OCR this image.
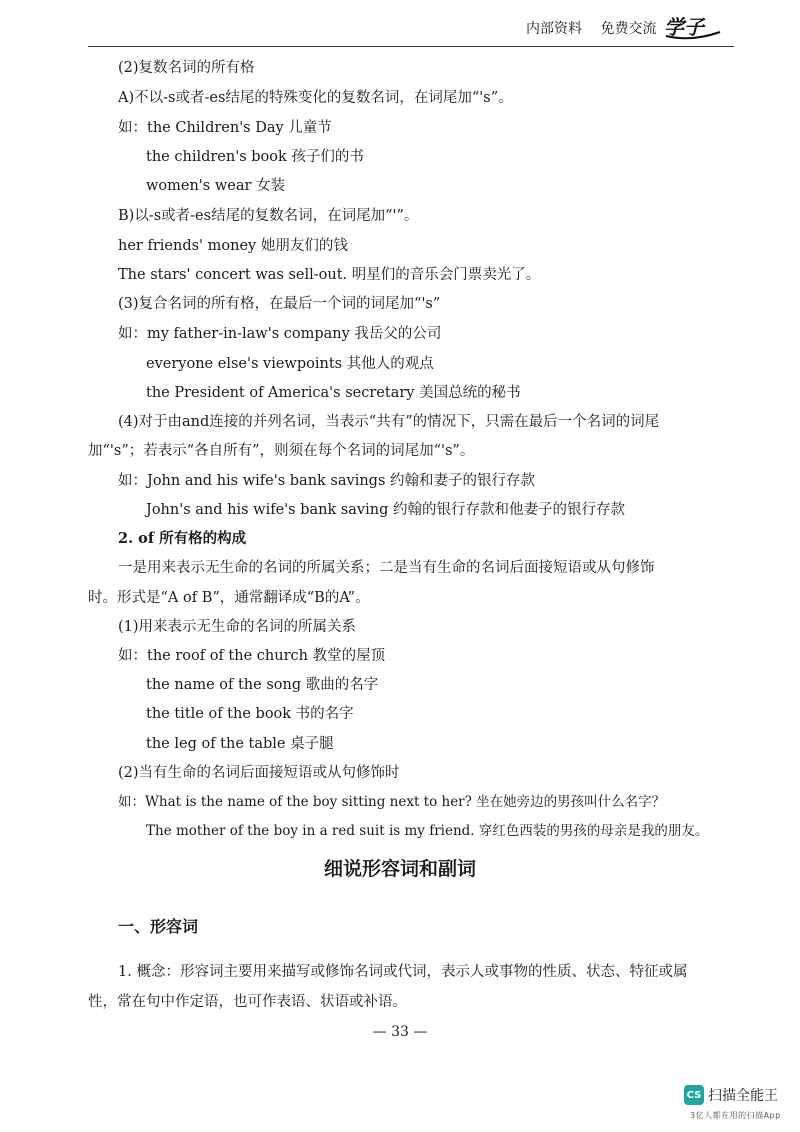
内部资料 免费交流 学子
(2)复数名词的所有格
A)不以-s或者-es结尾的特殊变化的复数名词，在词尾加“'s”。
如：the Children's Day 儿童节
the children's book 孩子们的书
women's wear 女装
B)以-s或者-es结尾的复数名词，在词尾加“'”。
her friends' money 她朋友们的钱
The stars' concert was sell-out. 明星们的音乐会门票卖光了。
(3)复合名词的所有格，在最后一个词的词尾加“'s”
如：my father-in-law's company 我岳父的公司
everyone else's viewpoints 其他人的观点
the President of America's secretary 美国总统的秘书
(4)对于由and连接的并列名词，当表示“共有”的情况下，只需在最后一个名词的词尾
加“'s”；若表示“各自所有”，则须在每个名词的词尾加“'s”。
如：John and his wife's bank savings 约翰和妻子的银行存款
John's and his wife's bank saving 约翰的银行存款和他妻子的银行存款
2. of 所有格的构成
一是用来表示无生命的名词的所属关系；二是当有生命的名词后面接短语或从句修饰
时。形式是“A of B”，通常翻译成“B的A”。
(1)用来表示无生命的名词的所属关系
如：the roof of the church 教堂的屋顶
the name of the song 歌曲的名字
the title of the book 书的名字
the leg of the table 桌子腿
(2)当有生命的名词后面接短语或从句修饰时
如：What is the name of the boy sitting next to her? 坐在她旁边的男孩叫什么名字？
The mother of the boy in a red suit is my friend. 穿红色西装的男孩的母亲是我的朋友。
细说形容词和副词
一、形容词
1. 概念：形容词主要用来描写或修饰名词或代词，表示人或事物的性质、状态、特征或属
性，常在句中作定语，也可作表语、状语或补语。
— 33 —
CS 扫描全能王
3亿人都在用的扫描App
